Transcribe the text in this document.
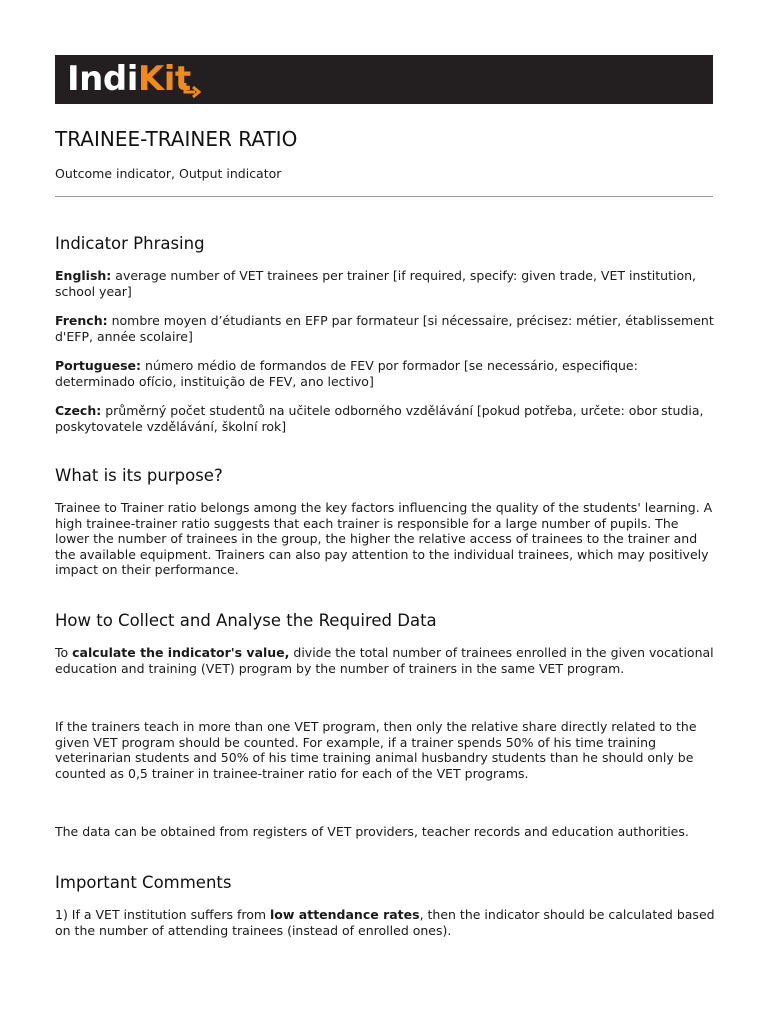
IndiKit
TRAINEE-TRAINER RATIO
Outcome indicator, Output indicator
Indicator Phrasing

English: average number of VET trainees per trainer [if required, specify: given trade, VET institution, school year]

French: nombre moyen d’étudiants en EFP par formateur [si nécessaire, précisez: métier, établissement d'EFP, année scolaire]

Portuguese: número médio de formandos de FEV por formador [se necessário, especifique: determinado ofício, instituição de FEV, ano lectivo]

Czech: průměrný počet studentů na učitele odborného vzdělávání [pokud potřeba, určete: obor studia, poskytovatele vzdělávání, školní rok]

What is its purpose?

Trainee to Trainer ratio belongs among the key factors influencing the quality of the students' learning. A high trainee-trainer ratio suggests that each trainer is responsible for a large number of pupils. The lower the number of trainees in the group, the higher the relative access of trainees to the trainer and the available equipment. Trainers can also pay attention to the individual trainees, which may positively impact on their performance.

How to Collect and Analyse the Required Data

To calculate the indicator's value, divide the total number of trainees enrolled in the given vocational education and training (VET) program by the number of trainers in the same VET program.

If the trainers teach in more than one VET program, then only the relative share directly related to the given VET program should be counted. For example, if a trainer spends 50% of his time training veterinarian students and 50% of his time training animal husbandry students than he should only be counted as 0,5 trainer in trainee-trainer ratio for each of the VET programs.

The data can be obtained from registers of VET providers, teacher records and education authorities.

Important Comments

1) If a VET institution suffers from low attendance rates, then the indicator should be calculated based on the number of attending trainees (instead of enrolled ones).
